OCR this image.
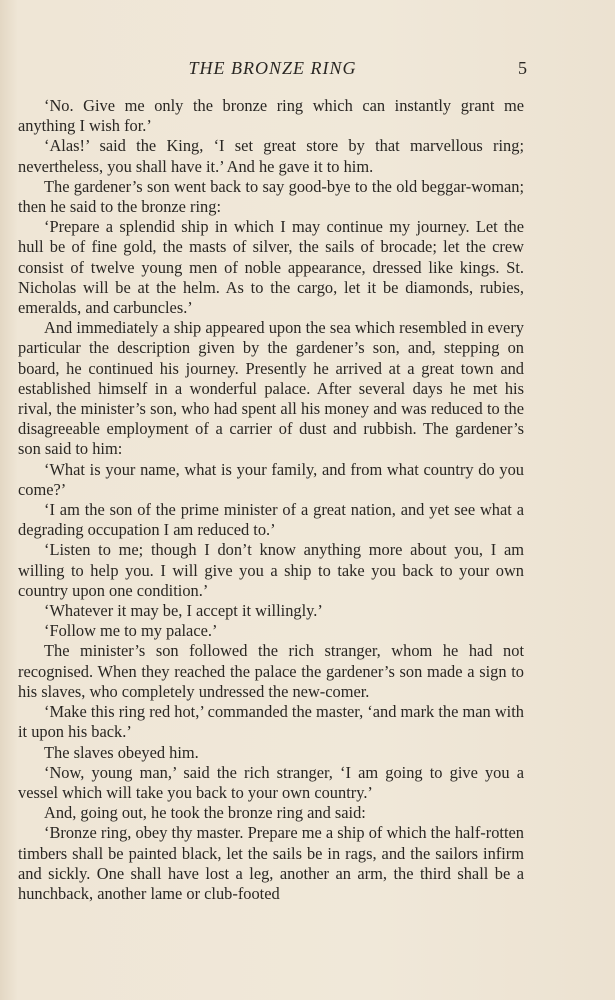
THE BRONZE RING	5

‘No. Give me only the bronze ring which can instantly grant me anything I wish for.’

‘Alas!’ said the King, ‘I set great store by that marvellous ring; nevertheless, you shall have it.’ And he gave it to him.

The gardener’s son went back to say good-bye to the old beggar-woman; then he said to the bronze ring:

‘Prepare a splendid ship in which I may continue my journey. Let the hull be of fine gold, the masts of silver, the sails of brocade; let the crew consist of twelve young men of noble appearance, dressed like kings. St. Nicholas will be at the helm. As to the cargo, let it be diamonds, rubies, emeralds, and carbuncles.’

And immediately a ship appeared upon the sea which resembled in every particular the description given by the gardener’s son, and, stepping on board, he continued his journey. Presently he arrived at a great town and established himself in a wonderful palace. After several days he met his rival, the minister’s son, who had spent all his money and was reduced to the disagreeable employment of a carrier of dust and rubbish. The gardener’s son said to him:

‘What is your name, what is your family, and from what country do you come?’

‘I am the son of the prime minister of a great nation, and yet see what a degrading occupation I am reduced to.’

‘Listen to me; though I don’t know anything more about you, I am willing to help you. I will give you a ship to take you back to your own country upon one condition.’

‘Whatever it may be, I accept it willingly.’

‘Follow me to my palace.’

The minister’s son followed the rich stranger, whom he had not recognised. When they reached the palace the gardener’s son made a sign to his slaves, who completely undressed the new-comer.

‘Make this ring red hot,’ commanded the master, ‘and mark the man with it upon his back.’

The slaves obeyed him.

‘Now, young man,’ said the rich stranger, ‘I am going to give you a vessel which will take you back to your own country.’

And, going out, he took the bronze ring and said:

‘Bronze ring, obey thy master. Prepare me a ship of which the half-rotten timbers shall be painted black, let the sails be in rags, and the sailors infirm and sickly. One shall have lost a leg, another an arm, the third shall be a hunchback, another lame or club-footed
